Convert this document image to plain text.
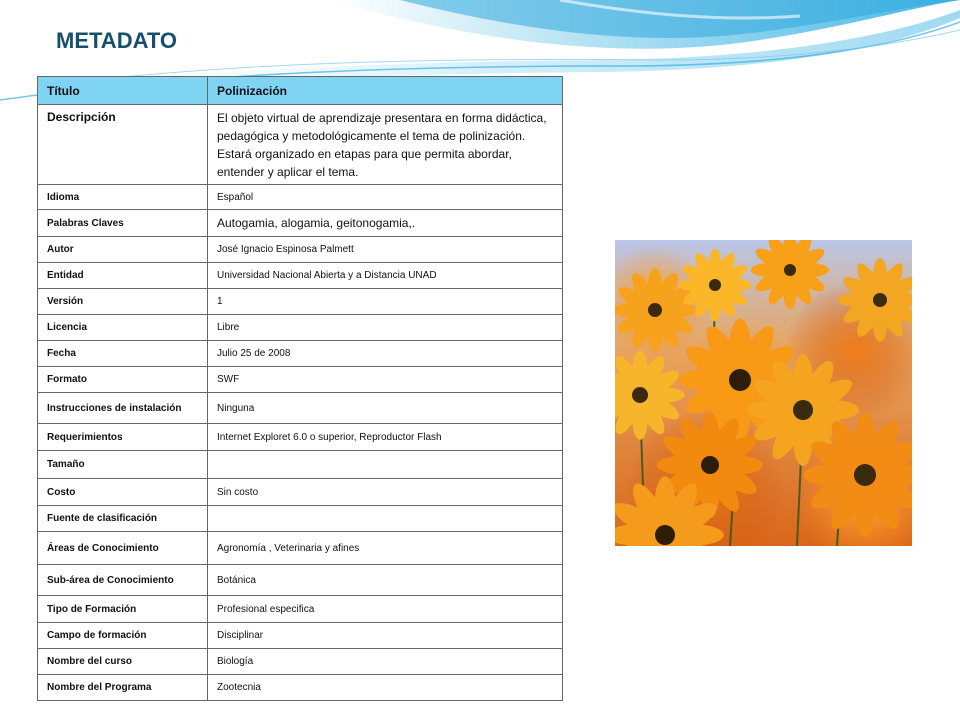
METADATO
Título	Polinización
Descripción	El objeto virtual de aprendizaje presentara en forma didáctica, pedagógica y metodológicamente el tema de polinización. Estará organizado en etapas para que permita abordar, entender y aplicar el tema.
Idioma	Español
Palabras Claves	Autogamia, alogamia, geitonogamia,.
Autor	José Ignacio Espinosa Palmett
Entidad	Universidad Nacional Abierta y a Distancia UNAD
Versión	1
Licencia	Libre
Fecha	Julio 25 de 2008
Formato	SWF
Instrucciones de instalación	Ninguna
Requerimientos	Internet Exploret 6.0 o superior, Reproductor Flash
Tamaño	
Costo	Sin costo
Fuente de clasificación	
Áreas de Conocimiento	Agronomía , Veterinaria y afines
Sub-área de Conocimiento	Botánica
Tipo de Formación	Profesional especifica
Campo de formación	Disciplinar
Nombre del curso	Biología
Nombre del Programa	Zootecnia
